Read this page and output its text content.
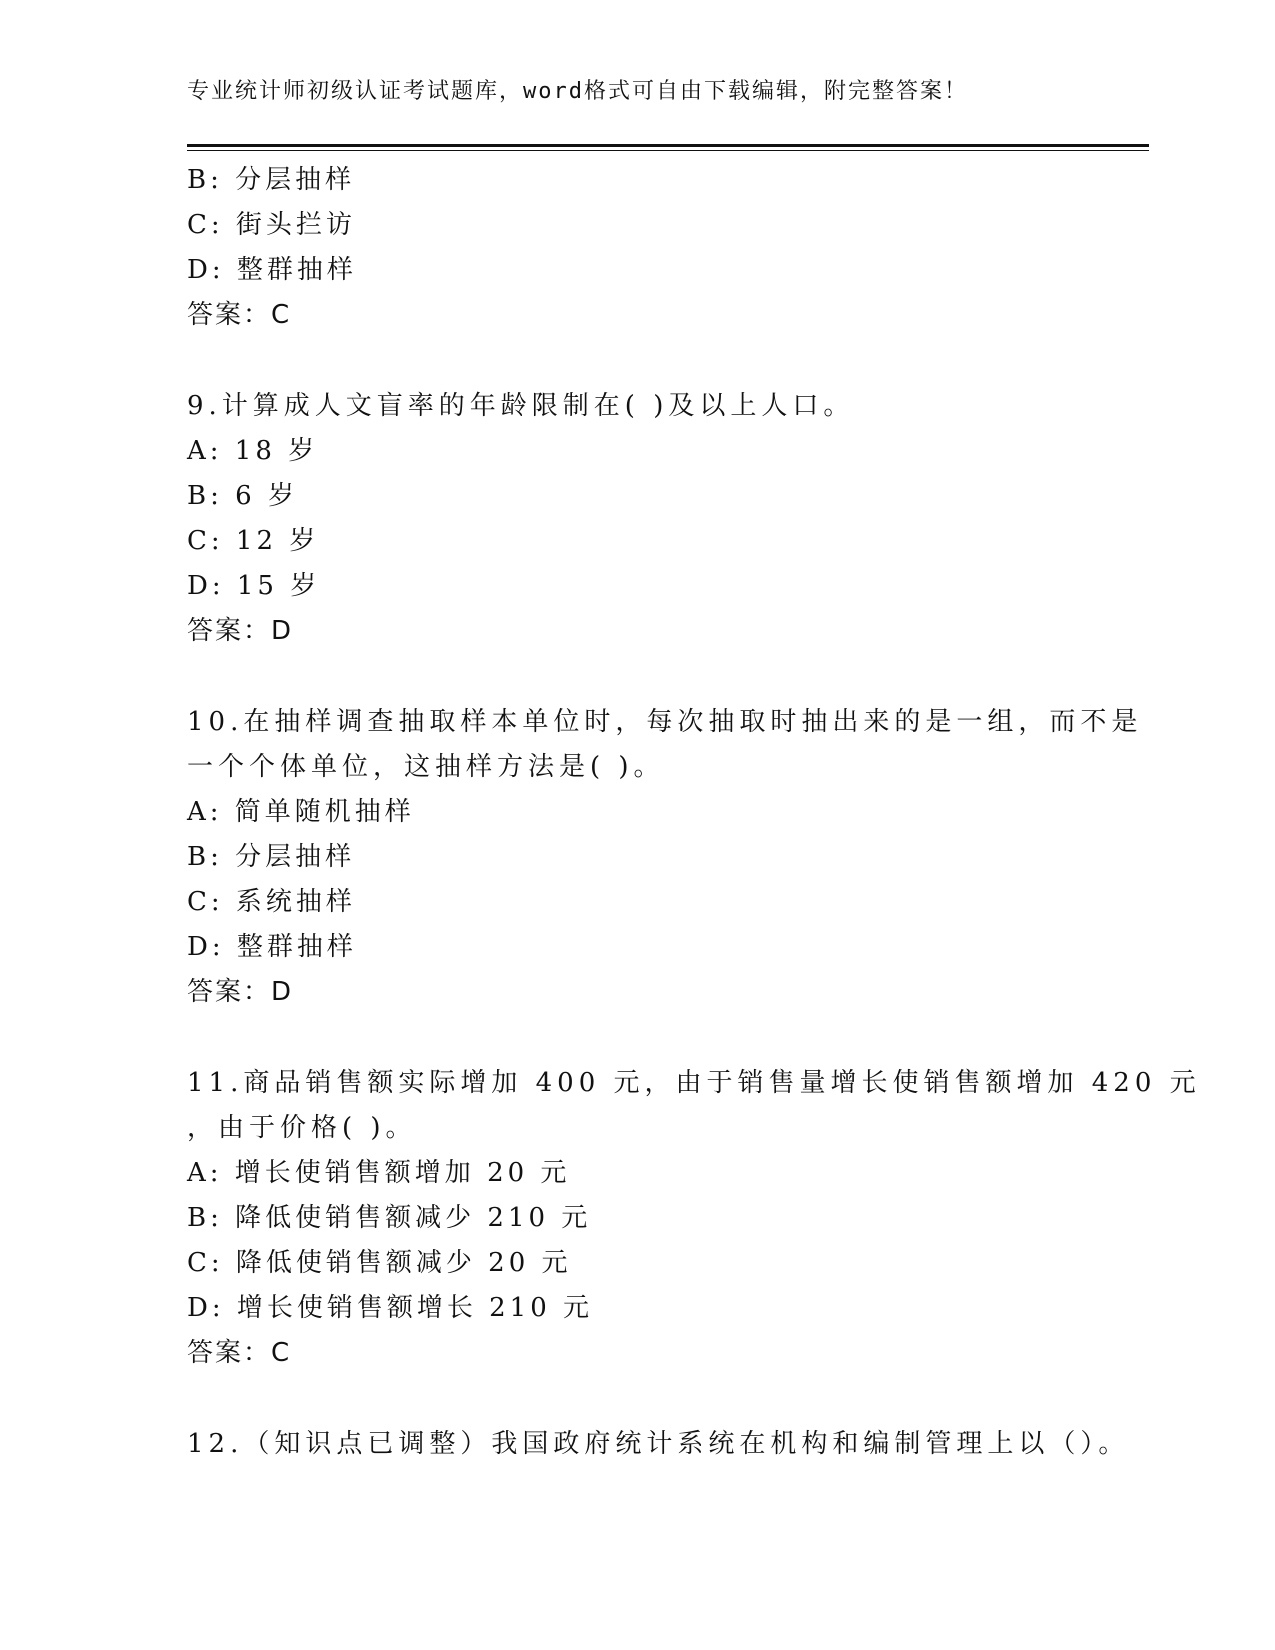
专业统计师初级认证考试题库，word格式可自由下载编辑，附完整答案！
B: 分层抽样
C: 街头拦访
D: 整群抽样
答案：C
9.计算成人文盲率的年龄限制在( )及以上人口。
A: 18 岁
B: 6 岁
C: 12 岁
D: 15 岁
答案：D
10.在抽样调查抽取样本单位时，每次抽取时抽出来的是一组，而不是
一个个体单位，这抽样方法是( )。
A: 简单随机抽样
B: 分层抽样
C: 系统抽样
D: 整群抽样
答案：D
11.商品销售额实际增加 400 元，由于销售量增长使销售额增加 420 元
，由于价格( )。
A: 增长使销售额增加 20 元
B: 降低使销售额减少 210 元
C: 降低使销售额减少 20 元
D: 增长使销售额增长 210 元
答案：C
12.（知识点已调整）我国政府统计系统在机构和编制管理上以（）。
